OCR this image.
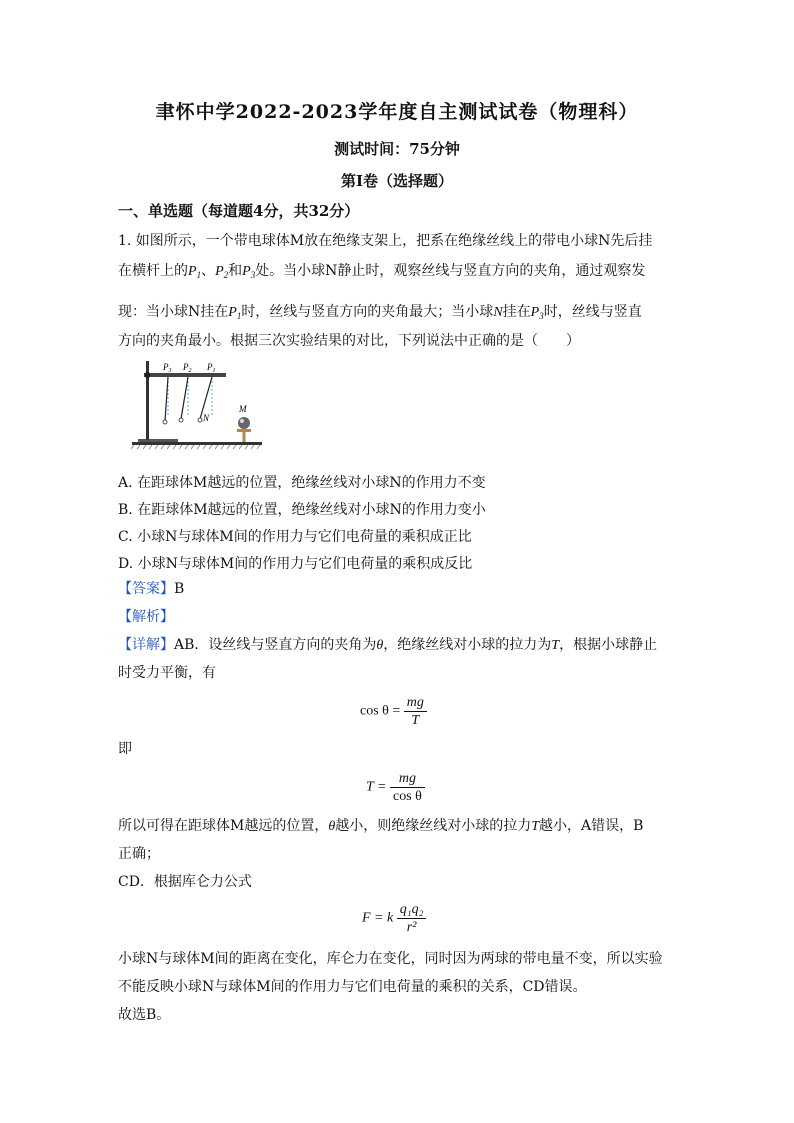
聿怀中学2022-2023学年度自主测试试卷（物理科）
测试时间：75分钟
第I卷（选择题）
一、单选题（每道题4分，共32分）
1. 如图所示，一个带电球体M放在绝缘支架上，把系在绝缘丝线上的带电小球N先后挂
在横杆上的$P_1$、$P_2$和$P_3$处。当小球N静止时，观察丝线与竖直方向的夹角，通过观察发
现：当小球N挂在$P_1$时，丝线与竖直方向的夹角最大；当小球N挂在$P_3$时，丝线与竖直
方向的夹角最小。根据三次实验结果的对比，下列说法中正确的是（　　）
$P_3$ $P_2$ $P_1$
N
M
A. 在距球体M越远的位置，绝缘丝线对小球N的作用力不变
B. 在距球体M越远的位置，绝缘丝线对小球N的作用力变小
C. 小球N与球体M间的作用力与它们电荷量的乘积成正比
D. 小球N与球体M间的作用力与它们电荷量的乘积成反比
【答案】B
【解析】
【详解】AB．设丝线与竖直方向的夹角为θ，绝缘丝线对小球的拉力为T，根据小球静止
时受力平衡，有
$\cos \theta = \frac{mg}{T}$
即
$T = \frac{mg}{\text{cos θ}}$
所以可得在距球体M越远的位置，θ越小，则绝缘丝线对小球的拉力T越小，A错误，B
正确；
CD．根据库仑力公式
F = k $\frac{\text{q₁q₂}}{\text{r²}}$
小球N与球体M间的距离在变化，库仑力在变化，同时因为两球的带电量不变，所以实验
不能反映小球N与球体M间的作用力与它们电荷量的乘积的关系，CD错误。
故选B。
